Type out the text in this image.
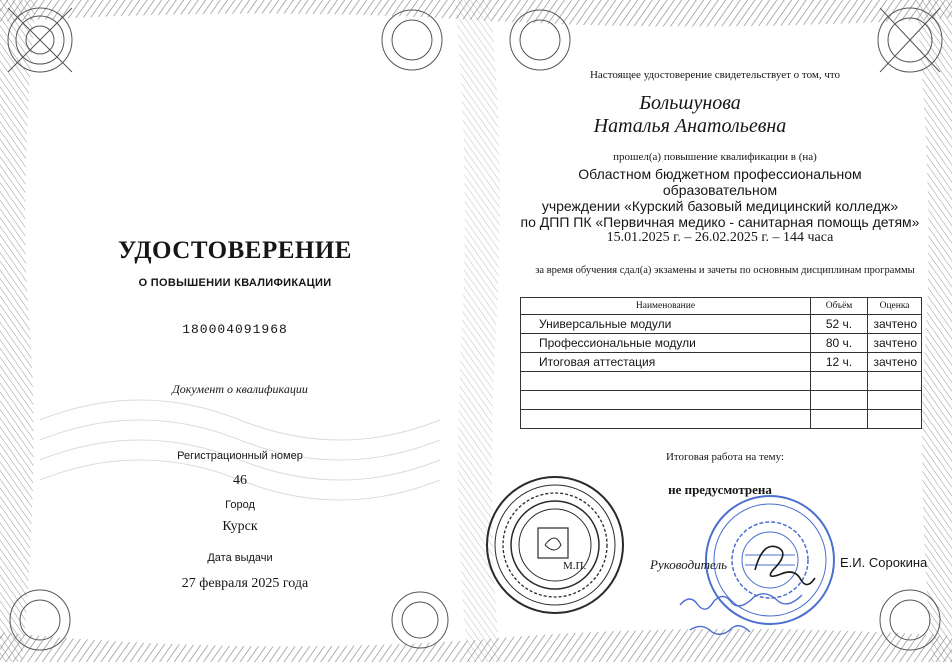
УДОСТОВЕРЕНИЕ
О ПОВЫШЕНИИ КВАЛИФИКАЦИИ
180004091968
Документ о квалификации
Регистрационный номер
46
Город
Курск
Дата выдачи
27 февраля 2025 года
Настоящее удостоверение свидетельствует о том, что
Большунова
Наталья Анатольевна
прошел(а) повышение квалификации в (на)
Областном бюджетном профессиональном образовательном
учреждении «Курский базовый медицинский колледж»
по ДПП ПК «Первичная медико - санитарная помощь детям»
15.01.2025 г. – 26.02.2025 г. – 144 часа
за время обучения сдал(а) экзамены и зачеты по основным дисциплинам программы
Наименование	Объём	Оценка
Универсальные модули	52 ч.	зачтено
Профессиональные модули	80 ч.	зачтено
Итоговая аттестация	12 ч.	зачтено

Итоговая работа на тему:
не предусмотрена
М.П.	Руководитель	Е.И. Сорокина
